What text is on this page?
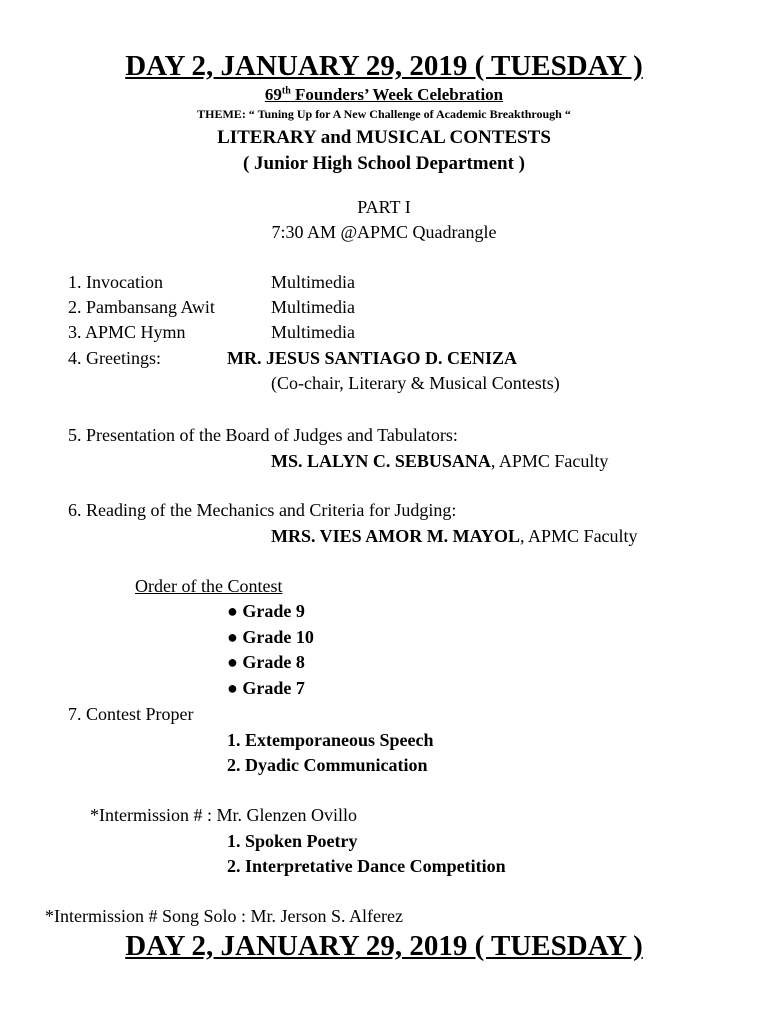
DAY 2, JANUARY 29, 2019 ( TUESDAY )
69th Founders’ Week Celebration
THEME: “ Tuning Up for A New Challenge of Academic Breakthrough “
LITERARY and MUSICAL CONTESTS
( Junior High School Department )
PART I
7:30 AM @APMC Quadrangle
1. Invocation	Multimedia
2. Pambansang Awit	Multimedia
3. APMC Hymn	Multimedia
4. Greetings:	MR. JESUS SANTIAGO D. CENIZA
(Co-chair, Literary & Musical Contests)
5. Presentation of the Board of Judges and Tabulators:
MS. LALYN C. SEBUSANA, APMC Faculty
6. Reading of the Mechanics and Criteria for Judging:
MRS. VIES AMOR M. MAYOL, APMC Faculty
Order of the Contest
● Grade 9
● Grade 10
● Grade 8
● Grade 7
7. Contest Proper
1. Extemporaneous Speech
2. Dyadic Communication
*Intermission # : Mr. Glenzen Ovillo
1. Spoken Poetry
2. Interpretative Dance Competition
*Intermission # Song Solo : Mr. Jerson S. Alferez
DAY 2, JANUARY 29, 2019 ( TUESDAY )
